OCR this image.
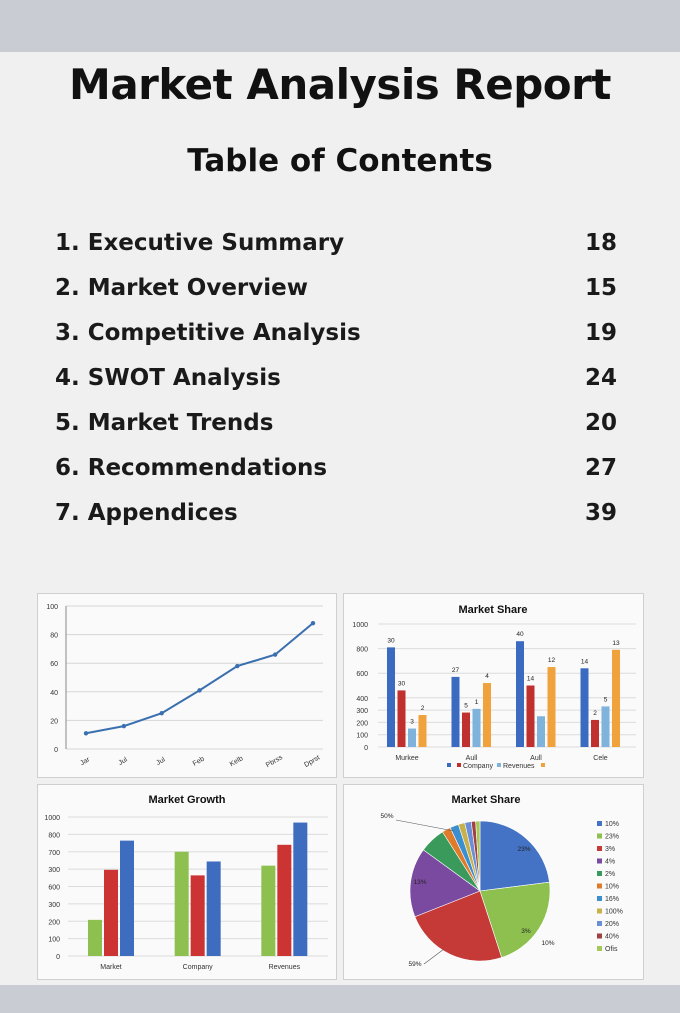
Market Analysis Report
Table of Contents
1. Executive Summary	18
2. Market Overview	15
3. Competitive Analysis	19
4. SWOT Analysis	24
5. Market Trends	20
6. Recommendations	27
7. Appendices	39
0
20
40
60
80
100
Jar	Jul	Jul	Feb	Kelb	Pbrss	Dprst
Market Share
0
100
200
300
400
600
800
1000
Murkee	Aull	Aull	Cele
30
30
3
2
27
5
1
4
40
14
12	14
2
5
13
Company Revenues
Market Growth
0
100
200
300
600
300
700
800
1000
Market	Company	Revenues
Market Share
10%
23%
3%
4%
2%
10%
16%
100%
20%
40%
Ofis
23%
3%
13%
50%
10%
59%
